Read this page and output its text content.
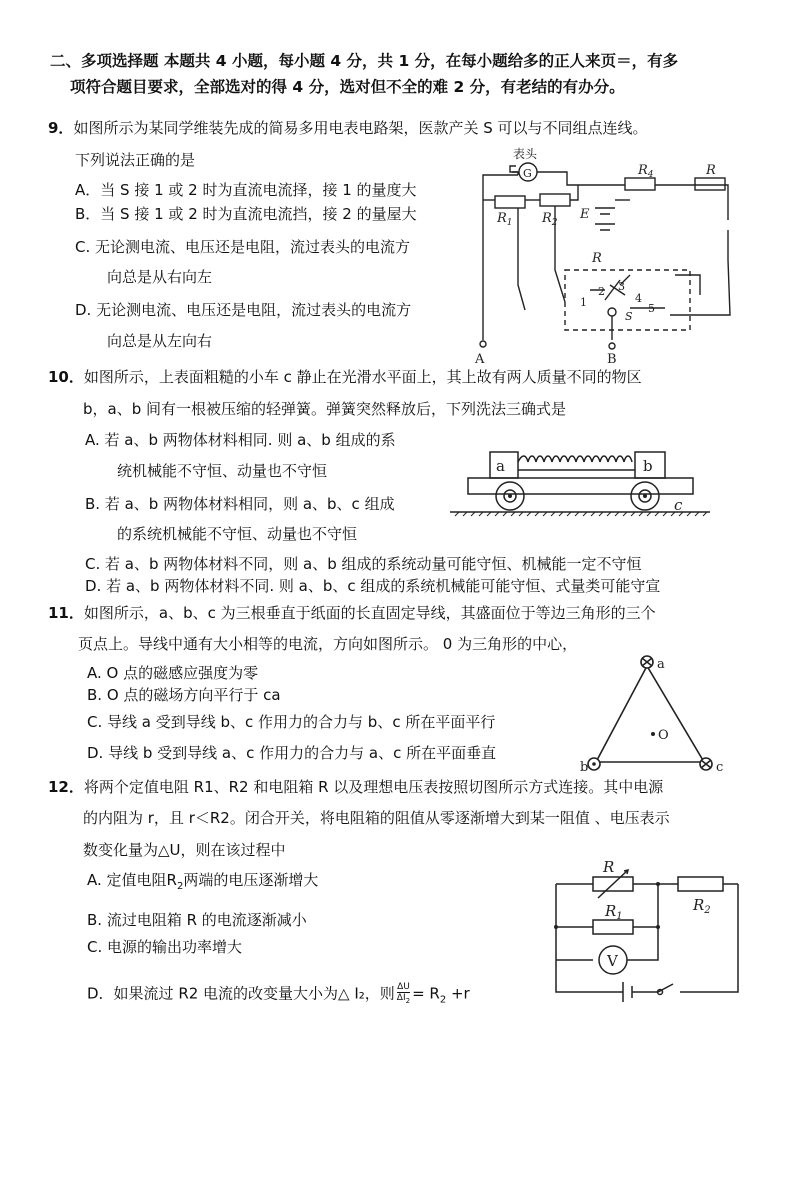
二、多项选择题 本题共 4 小题，每小题 4 分，共 1 分，在每小题给多的正人来页＝，有多
项符合题目要求，全部选对的得 4 分，选对但不全的难 2 分，有老结的有办分。
9．如图所示为某同学维装先成的简易多用电表电路架，医款产关 S 可以与不同组点连线。
下列说法正确的是
A．当 S 接 1 或 2 时为直流电流择，接 1 的量度大
B．当 S 接 1 或 2 时为直流电流挡，接 2 的量屋大
C. 无论测电流、电压还是电阻，流过表头的电流方
向总是从右向左
D. 无论测电流、电压还是电阻，流过表头的电流方
向总是从左向右
表头
G
$R_1$ $R_2$
$R_4$	R
E
R
1
2 3
4
5
S
A	B
10．如图所示，上表面粗糙的小车 c 静止在光滑水平面上，其上故有两人质量不同的物区
b，a、b 间有一根被压缩的轻弹簧。弹簧突然释放后，下列洗法三确式是
A. 若 a、b 两物体材料相同. 则 a、b 组成的系
统机械能不守恒、动量也不守恒
B. 若 a、b 两物体材料相同，则 a、b、c 组成
的系统机械能不守恒、动量也不守恒
C. 若 a、b 两物体材料不同，则 a、b 组成的系统动量可能守恒、机械能一定不守恒
D. 若 a、b 两物体材料不同. 则 a、b、c 组成的系统机械能可能守恒、式量类可能守宣
a	b
c
11．如图所示，a、b、c 为三根垂直于纸面的长直固定导线，其盛面位于等边三角形的三个
页点上。导线中通有大小相等的电流，方向如图所示。 0 为三角形的中心，
A. O 点的磁感应强度为零
B. O 点的磁场方向平行于 ca
C. 导线 a 受到导线 b、c 作用力的合力与 b、c 所在平面平行
D. 导线 b 受到导线 a、c 作用力的合力与 a、c 所在平面垂直
a
b	c
O
12．将两个定值电阻 R1、R2 和电阻箱 R 以及理想电压表按照切图所示方式连接。其中电源
的内阻为 r，且 r＜R2。闭合开关，将电阻箱的阻值从零逐渐增大到某一阻值 、电压表示
数变化量为△U，则在该过程中
A. 定值电阻$R_2$两端的电压逐渐增大
B. 流过电阻箱 R 的电流逐渐减小
C. 电源的输出功率增大
D．如果流过 R2 电流的改变量大小为△ I₂，则 $\frac{\Delta U}{\Delta I_2} = R_2 +r$
R
$R_1$
$R_2$
V
